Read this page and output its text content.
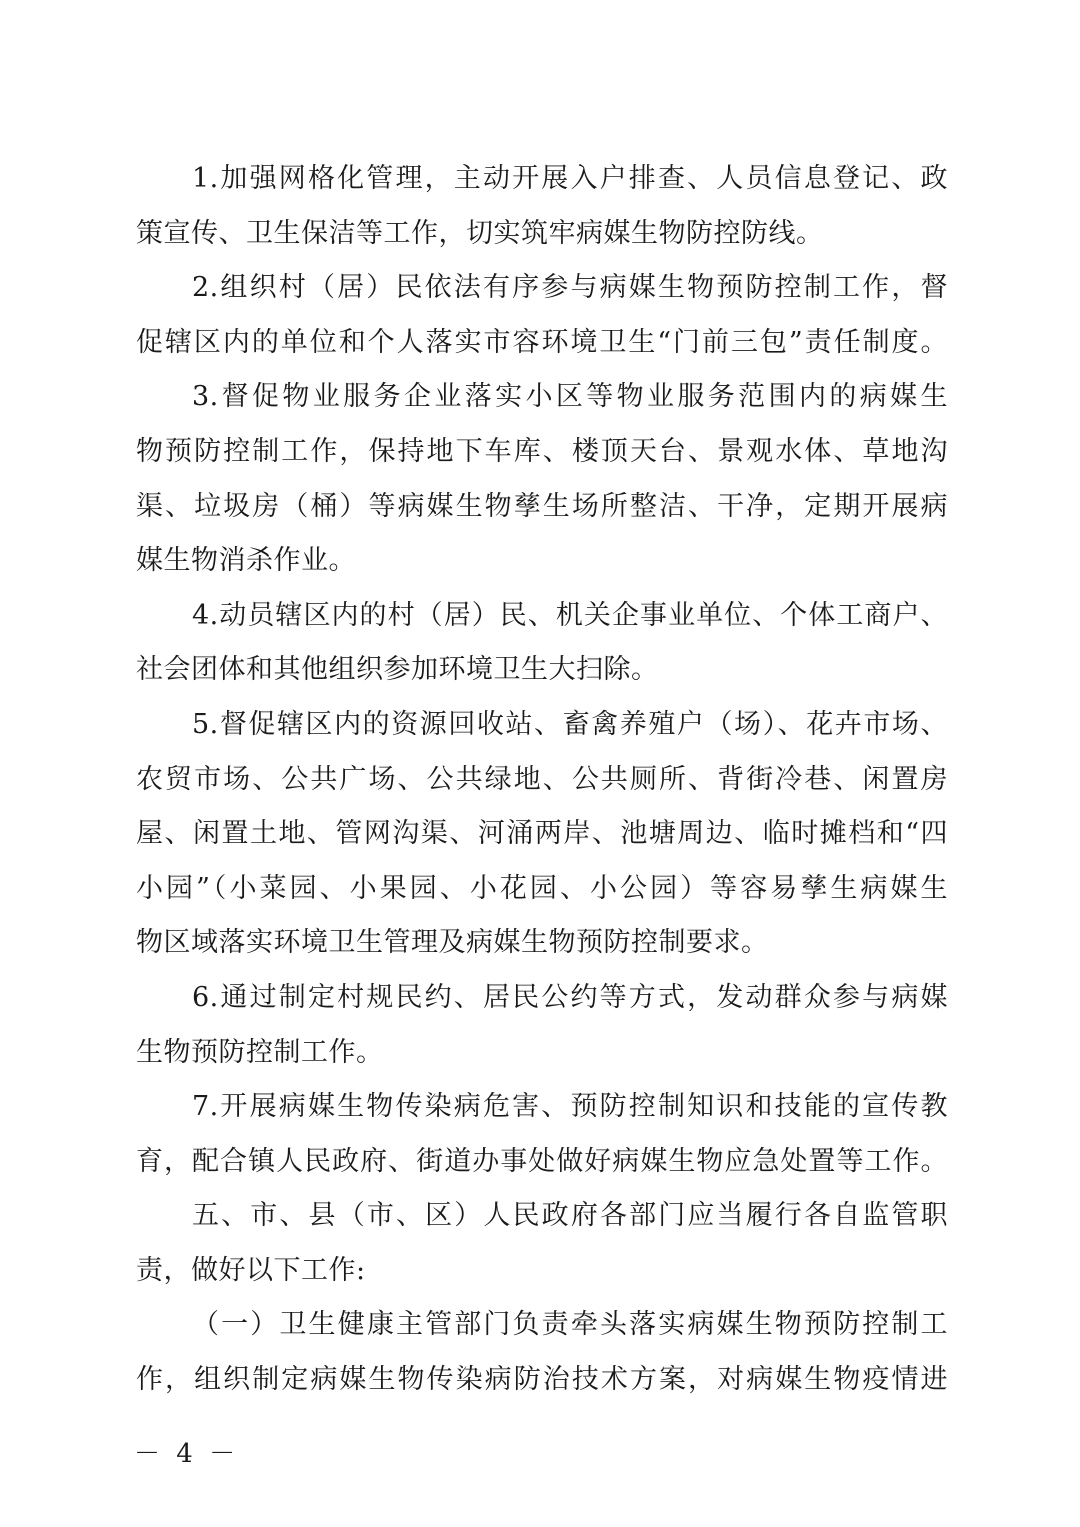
1.加强网格化管理，主动开展入户排查、人员信息登记、政
策宣传、卫生保洁等工作，切实筑牢病媒生物防控防线。
2.组织村（居）民依法有序参与病媒生物预防控制工作，督
促辖区内的单位和个人落实市容环境卫生“门前三包”责任制度。
3.督促物业服务企业落实小区等物业服务范围内的病媒生
物预防控制工作，保持地下车库、楼顶天台、景观水体、草地沟
渠、垃圾房（桶）等病媒生物孳生场所整洁、干净，定期开展病
媒生物消杀作业。
4.动员辖区内的村（居）民、机关企事业单位、个体工商户、
社会团体和其他组织参加环境卫生大扫除。
5.督促辖区内的资源回收站、畜禽养殖户（场）、花卉市场、
农贸市场、公共广场、公共绿地、公共厕所、背街冷巷、闲置房
屋、闲置土地、管网沟渠、河涌两岸、池塘周边、临时摊档和“四
小园”（小菜园、小果园、小花园、小公园）等容易孳生病媒生
物区域落实环境卫生管理及病媒生物预防控制要求。
6.通过制定村规民约、居民公约等方式，发动群众参与病媒
生物预防控制工作。
7.开展病媒生物传染病危害、预防控制知识和技能的宣传教
育，配合镇人民政府、街道办事处做好病媒生物应急处置等工作。
五、市、县（市、区）人民政府各部门应当履行各自监管职
责，做好以下工作:
（一）卫生健康主管部门负责牵头落实病媒生物预防控制工
作，组织制定病媒生物传染病防治技术方案，对病媒生物疫情进
－ 4 －
